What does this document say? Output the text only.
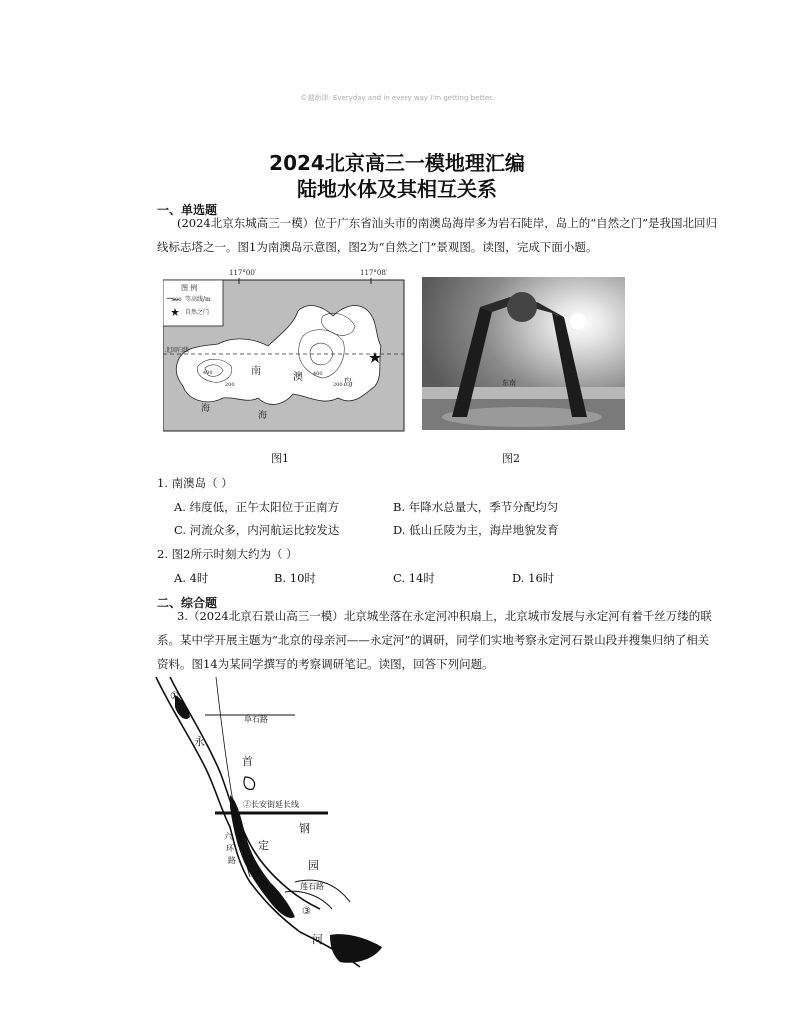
©越助律: Everyday and in every way I'm getting better.
2024北京高三一模地理汇编
陆地水体及其相互关系
一、单选题
(2024北京东城高三一模）位于广东省汕头市的南澳岛海岸多为岩石陡岸，岛上的“自然之门”是我国北回归线标志塔之一。图1为南澳岛示意图，图2为“自然之门”景观图。读图，完成下面小题。
117°00′	117°08′
北回归线
400
200
400
200
南
澳
岛
海
海
图 例
200 等高线/m
自然之门
图1
东南
图2
1. 南澳岛（ ）
A. 纬度低，正午太阳位于正南方	B. 年降水总量大，季节分配均匀
C. 河流众多，内河航运比较发达	D. 低山丘陵为主，海岸地貌发育
2. 图2所示时刻大约为（ ）
A. 4时	B. 10时	C. 14时	D. 16时
二、综合题
3.（2024北京石景山高三一模）北京城坐落在永定河冲积扇上，北京城市发展与永定河有着千丝万缕的联系。某中学开展主题为“北京的母亲河——永定河”的调研，同学们实地考察永定河石景山段并搜集归纳了相关资料。图14为某同学撰写的考察调研笔记。读图，回答下列问题。
①
阜石路
永
首
②长安街延长线
钢
六
环
路
定
园
莲石路
③
河
